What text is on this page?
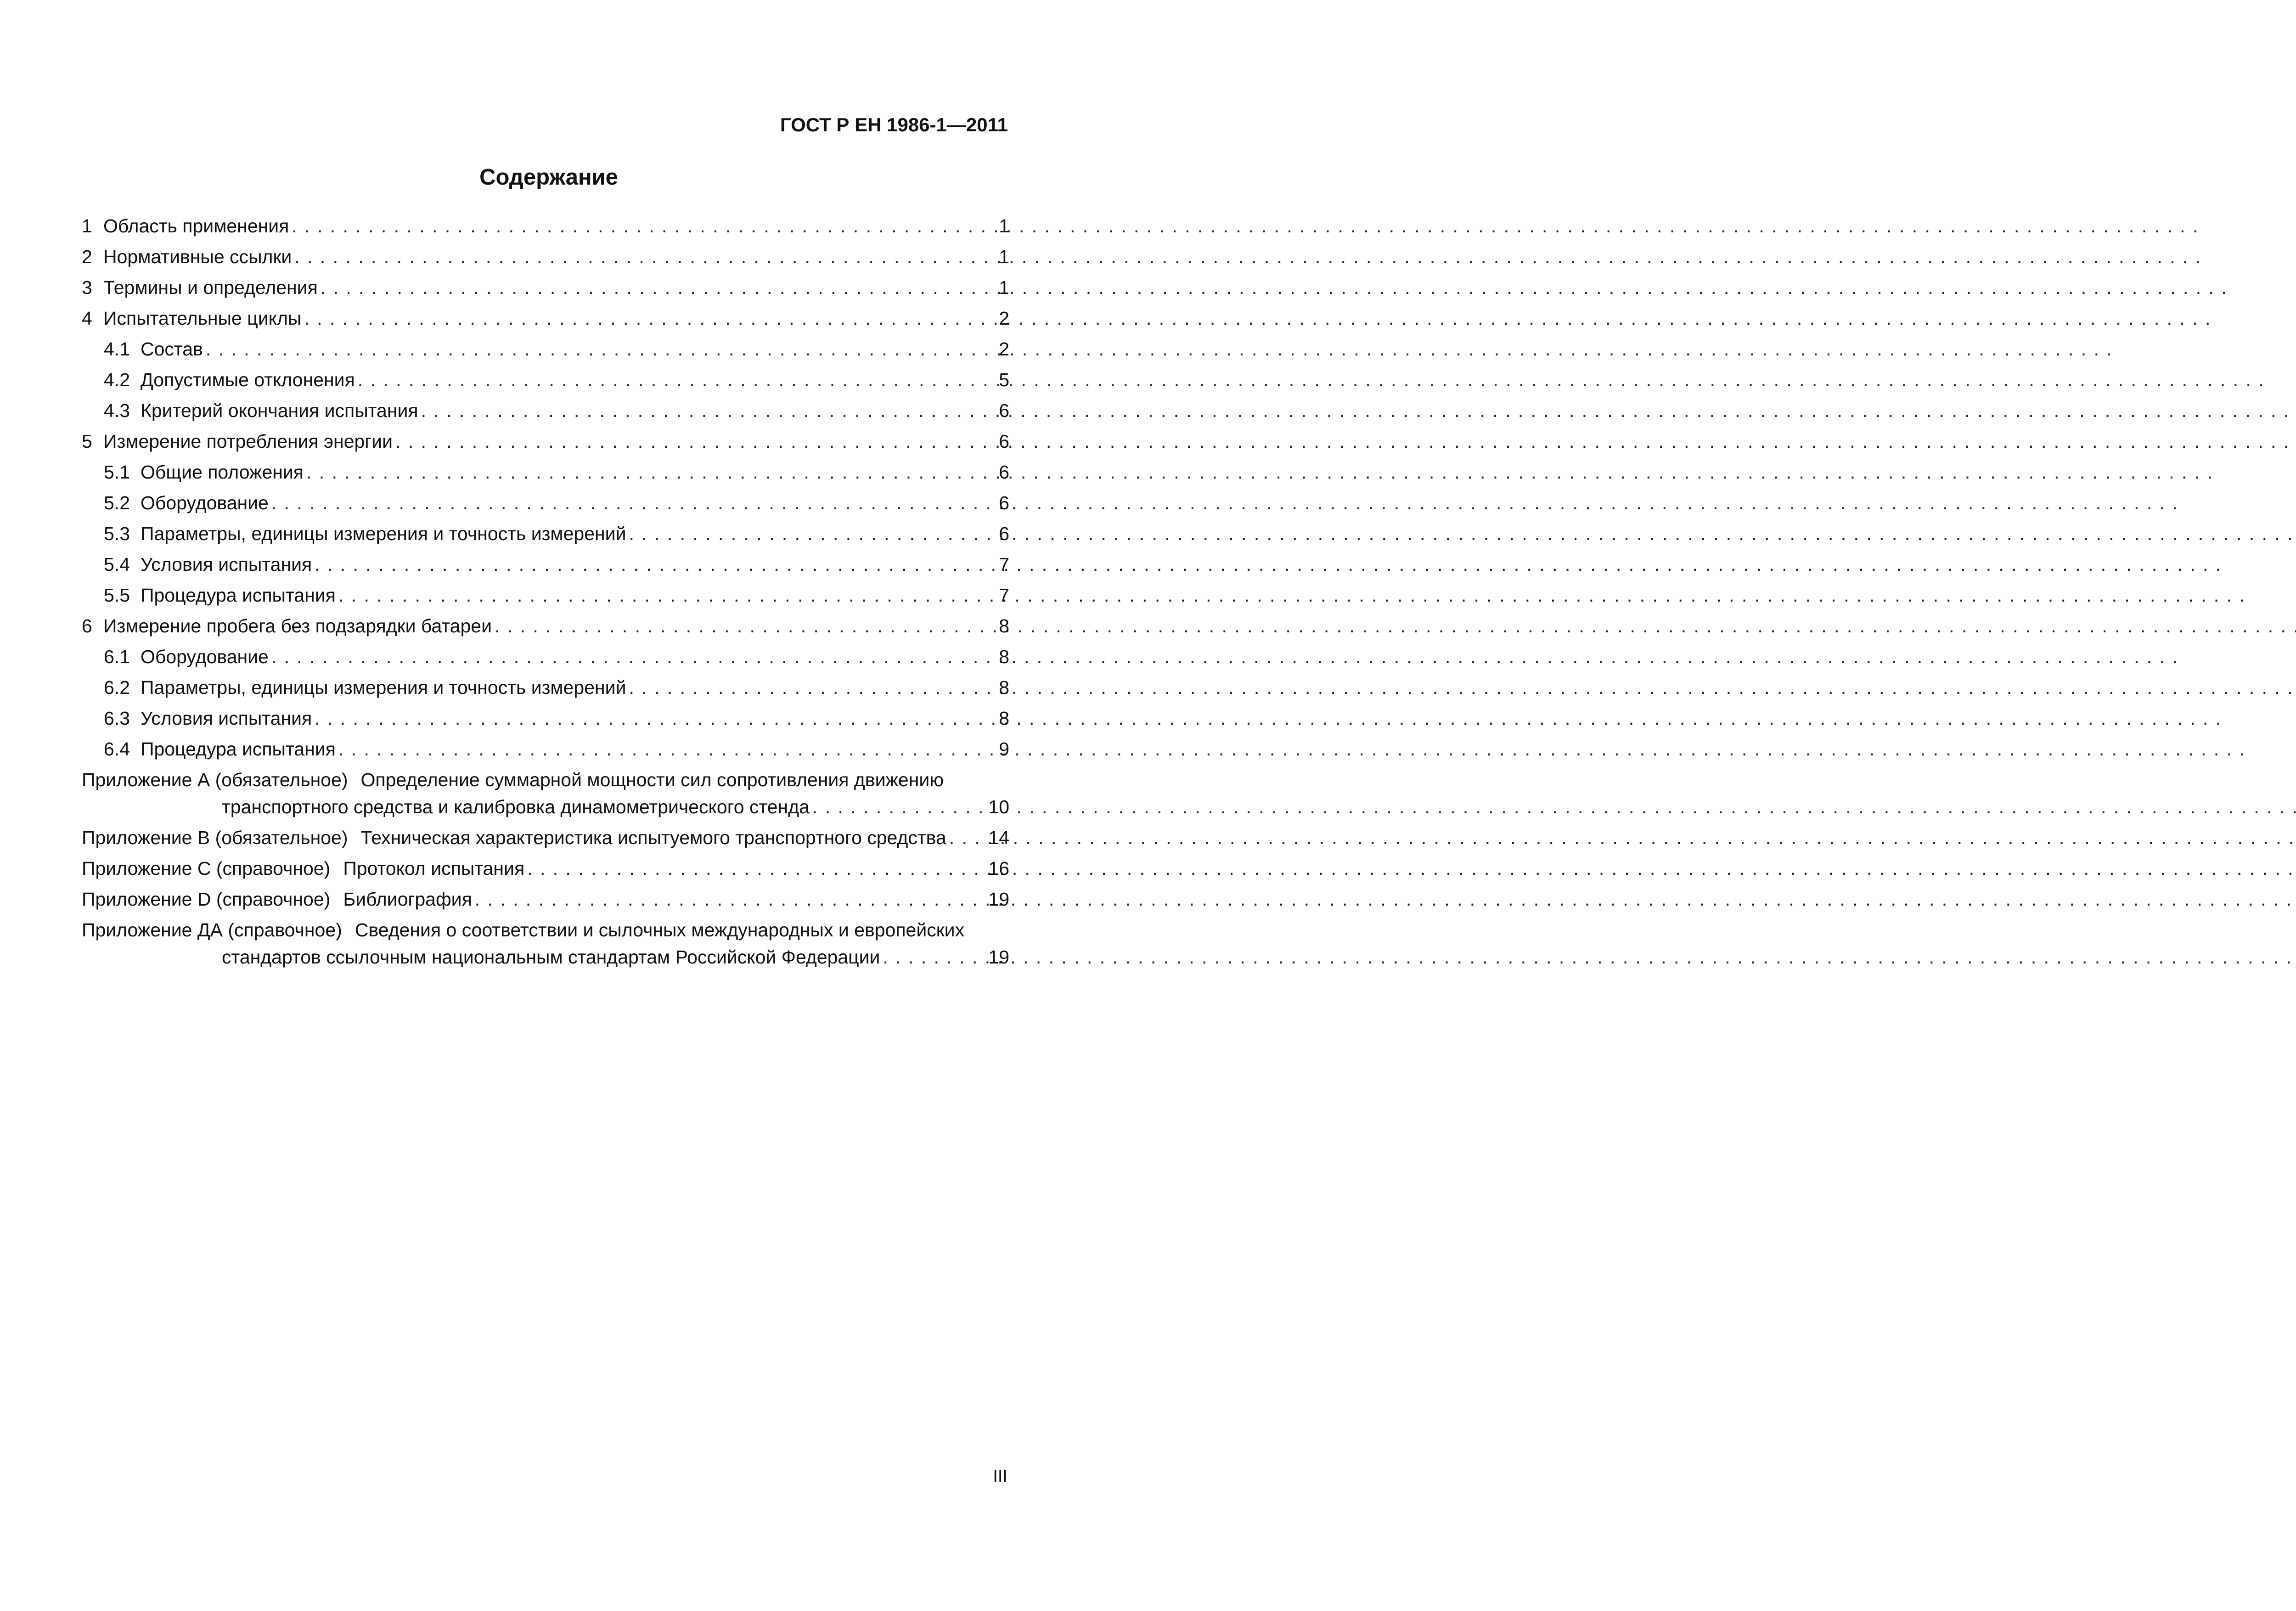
ГОСТ Р ЕН 1986-1—2011
Содержание
1 Область применения . . .	1
2 Нормативные ссылки . . .	1
3 Термины и определения . . .	1
4 Испытательные циклы . . .	2
4.1 Состав . . .	2
4.2 Допустимые отклонения . . .	5
4.3 Критерий окончания испытания . . .	6
5 Измерение потребления энергии . . .	6
5.1 Общие положения . . .	6
5.2 Оборудование . . .	6
5.3 Параметры, единицы измерения и точность измерений . . .	6
5.4 Условия испытания . . .	7
5.5 Процедура испытания . . .	7
6 Измерение пробега без подзарядки батареи . . .	8
6.1 Оборудование . . .	8
6.2 Параметры, единицы измерения и точность измерений . . .	8
6.3 Условия испытания . . .	8
6.4 Процедура испытания . . .	9
Приложение А (обязательное) Определение суммарной мощности сил сопротивления движению
транспортного средства и калибровка динамометрического стенда . . .	10
Приложение В (обязательное) Техническая характеристика испытуемого транспортного средства . . . 14
Приложение С (справочное) Протокол испытания . . .	16
Приложение D (справочное) Библиография . . .	19
Приложение ДА (справочное) Сведения о соответствии и сылочных международных и европейских
стандартов ссылочным национальным стандартам Российской Федерации . . .	19
III
